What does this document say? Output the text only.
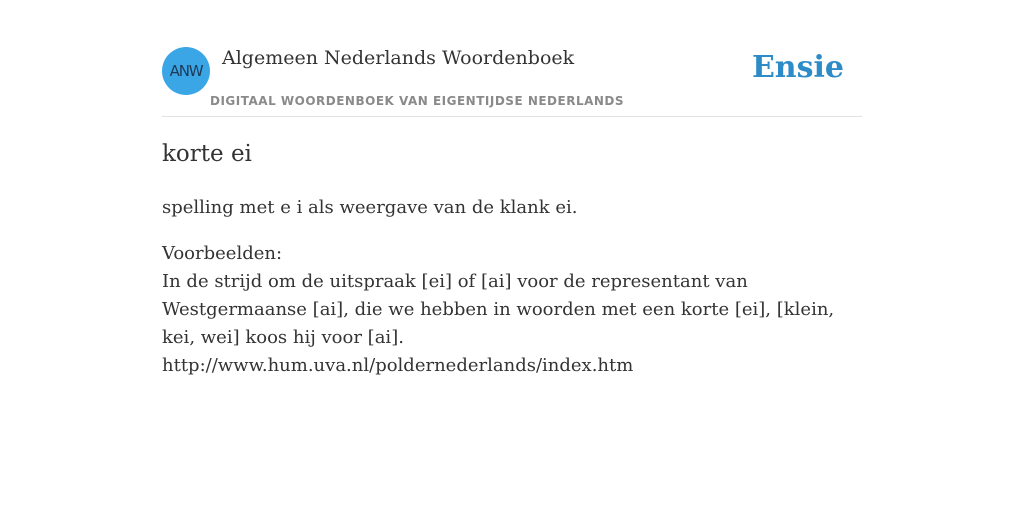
ANW
Algemeen Nederlands Woordenboek
DIGITAAL WOORDENBOEK VAN EIGENTIJDSE NEDERLANDS
Ensie
korte ei

spelling met e i als weergave van de klank ei.

Voorbeelden:
In de strijd om de uitspraak [ei] of [ai] voor de representant van Westgermaanse [ai], die we hebben in woorden met een korte [ei], [klein, kei, wei] koos hij voor [ai].
http://www.hum.uva.nl/poldernederlands/index.htm
